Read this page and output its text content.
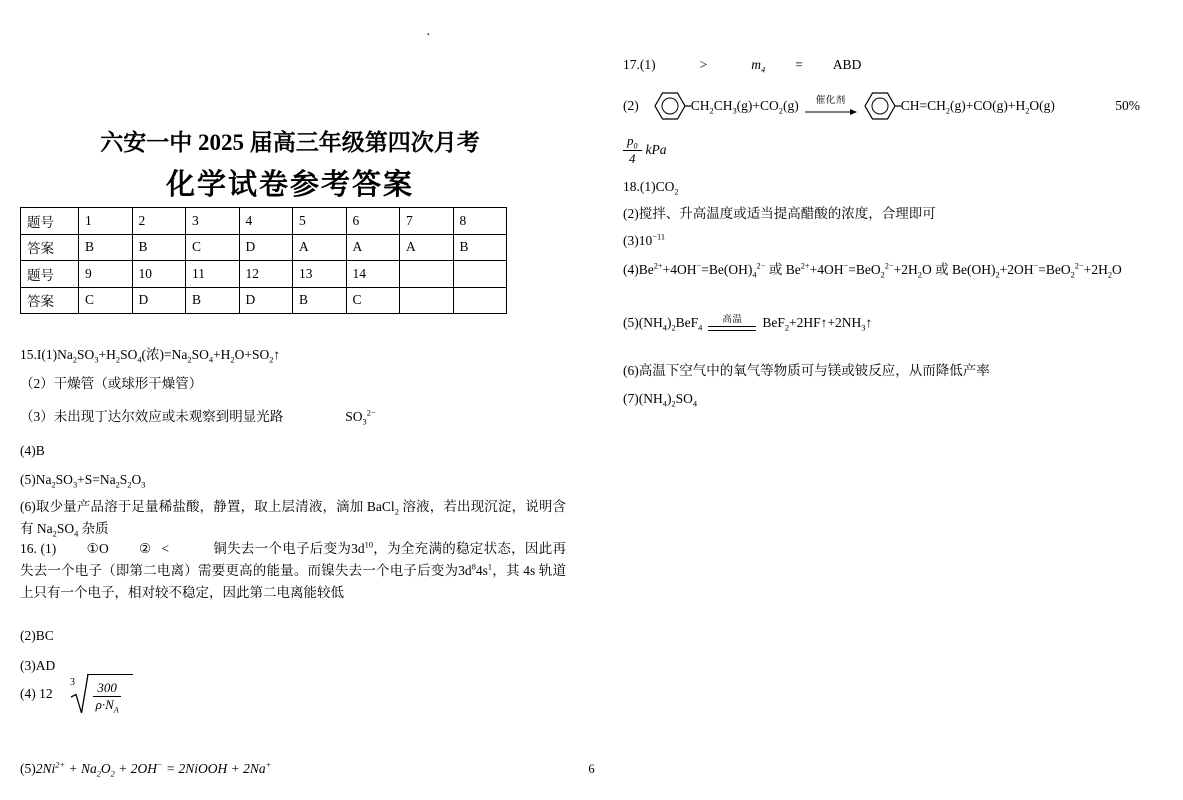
·
六安一中 2025 届高三年级第四次月考
化学试卷参考答案
题号	1	2	3	4	5	6	7	8
答案	B	B	C	D	A	A	A	B
题号	9	10	11	12	13	14		
答案	C	D	B	D	B	C		
$15.I(1)Na_2SO_3+H_2SO_4$(浓)$=Na_2SO_4+H_2O+SO_2↑$
（2）干燥管（或球形干燥管）
（3）未出现丁达尔效应或未观察到明显光路	$SO_3^{2-}$
(4)B
$(5)Na_2SO_3+S=Na_2S_2O_3$
(6)取少量产品溶于足量稀盐酸，静置，取上层清液，滴加 BaCl$_2$ 溶液，若出现沉淀，说明含有 $Na_2SO_4$ 杂质
16. (1) ①O ② <	铜失去一个电子后变为$3d^{10}$，为全充满的稳定状态，因此再失去一个电子（即第二电离）需要更高的能量。而镍失去一个电子后变为$3d^84s^1$，其 4s 轨道上只有一个电子，相对较不稳定，因此第二电离能较低
(2)BC
(3)AD
(4) 12
$3 \frac{300}{\rho\cdot N_A}$
$(5)2Ni^{2+} + Na_2O_2 + 2OH^-$ = 2NiOOH + 2Na+
17.(1)	>	$m_4$ = ABD
(2)	$CH_2CH_3(g)+CO_2(g)$ 催化剂	$CH=CH_2(g)+CO(g)+H_2O(g)$	50%
$\frac{p_0}{4}$ kPa
$18.(1)CO_2$
(2)搅拌、升高温度或适当提高醋酸的浓度，合理即可
$(3)10^{-11}$
$(4)Be^{2+}+4OH^-=Be(OH)_4^{2-}$ 或 $Be^{2+}+4OH^-=BeO_2^{2-}+2H_2O$ 或 $Be(OH)_2+2OH^-=BeO_2^{2-}+2H_2O$
$(5)(NH_4)_2BeF_4$
高温 $BeF_2+2HF↑+2NH_3↑$
(6)高温下空气中的氧气等物质可与镁或铍反应，从而降低产率
$(7)(NH_4)_2SO_4$
6
